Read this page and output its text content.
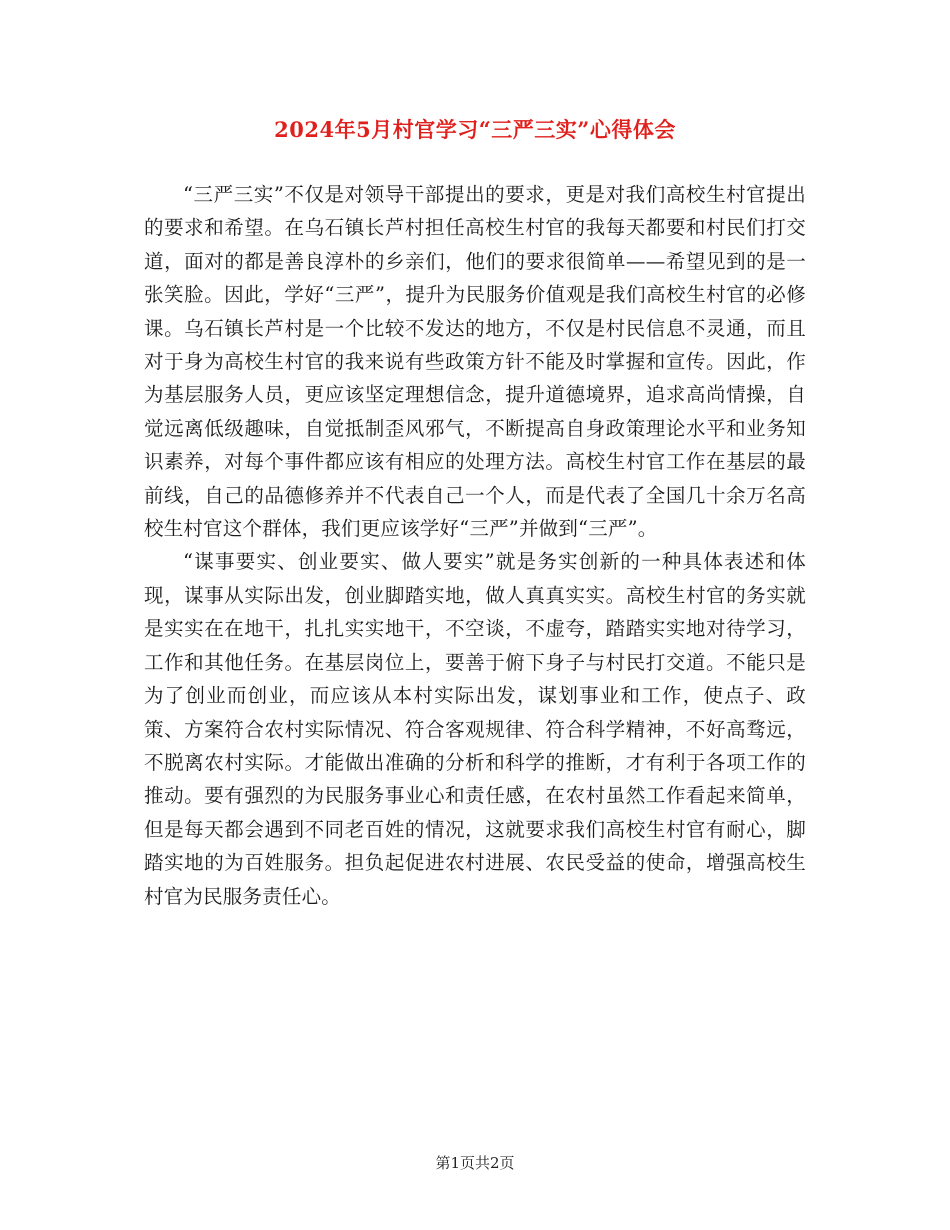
2024年5月村官学习“三严三实”心得体会

“三严三实”不仅是对领导干部提出的要求，更是对我们高校生村官提出的要求和希望。在乌石镇长芦村担任高校生村官的我每天都要和村民们打交道，面对的都是善良淳朴的乡亲们，他们的要求很简单——希望见到的是一张笑脸。因此，学好“三严”，提升为民服务价值观是我们高校生村官的必修课。乌石镇长芦村是一个比较不发达的地方，不仅是村民信息不灵通，而且对于身为高校生村官的我来说有些政策方针不能及时掌握和宣传。因此，作为基层服务人员，更应该坚定理想信念，提升道德境界，追求高尚情操，自觉远离低级趣味，自觉抵制歪风邪气，不断提高自身政策理论水平和业务知识素养，对每个事件都应该有相应的处理方法。高校生村官工作在基层的最前线，自己的品德修养并不代表自己一个人，而是代表了全国几十余万名高校生村官这个群体，我们更应该学好“三严”并做到“三严”。

“谋事要实、创业要实、做人要实”就是务实创新的一种具体表述和体现，谋事从实际出发，创业脚踏实地，做人真真实实。高校生村官的务实就是实实在在地干，扎扎实实地干，不空谈，不虚夸，踏踏实实地对待学习，工作和其他任务。在基层岗位上，要善于俯下身子与村民打交道。不能只是为了创业而创业，而应该从本村实际出发，谋划事业和工作，使点子、政策、方案符合农村实际情况、符合客观规律、符合科学精神，不好高骛远，不脱离农村实际。才能做出准确的分析和科学的推断，才有利于各项工作的推动。要有强烈的为民服务事业心和责任感，在农村虽然工作看起来简单，但是每天都会遇到不同老百姓的情况，这就要求我们高校生村官有耐心，脚踏实地的为百姓服务。担负起促进农村进展、农民受益的使命，增强高校生村官为民服务责任心。

第1页共2页
